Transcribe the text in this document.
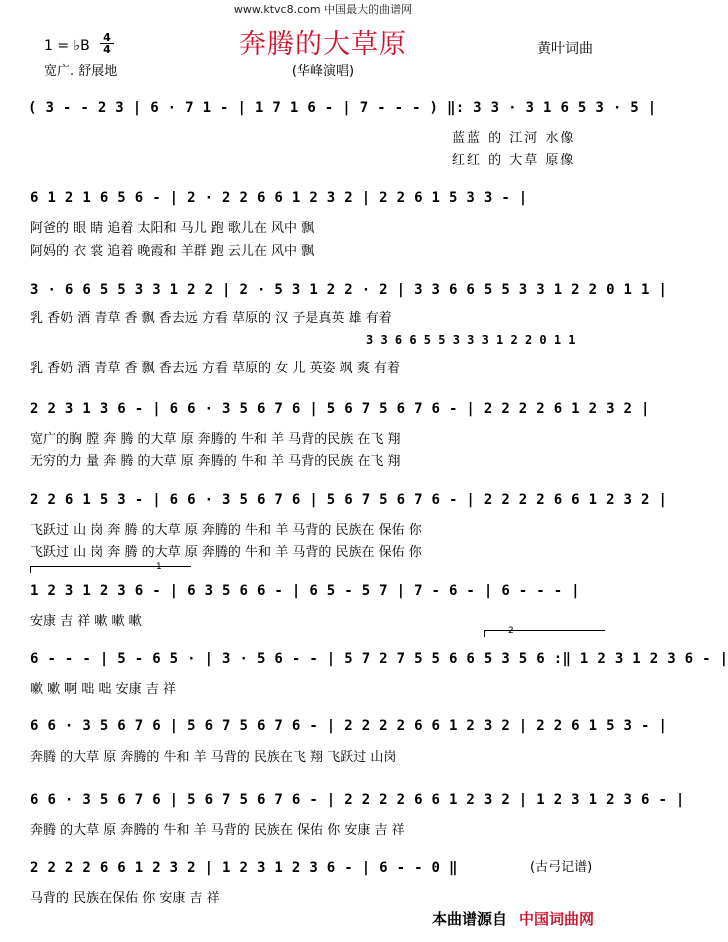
www.ktvc8.com 中国最大的曲谱网
1 = ♭B
4
4
宽广. 舒展地
奔腾的大草原
(华峰演唱)
黄叶词曲
( 3 - - 2 3 | 6 · 7 1 - | 1 7 1 6 - | 7 - - - ) ‖: 3 3 · 3 1 6 5 3 · 5 |
蓝蓝 的 江河 水像
红红 的 大草 原像
6 1 2 1 6 5 6 - | 2 · 2 2 6 6 1 2 3 2 | 2 2 6 1 5 3 3 - |
阿爸的 眼 睛 追着 太阳和 马儿 跑 歌儿在 风中 飘
阿妈的 衣 裳 追着 晚霞和 羊群 跑 云儿在 风中 飘
3 · 6 6 5 5 3 3 1 2 2 | 2 · 5 3 1 2 2 · 2 | 3 3 6 6 5 5 3 3 1 2 2 0 1 1 |
乳 香奶 酒 青草 香 飘 香去远 方看 草原的 汉 子是真英 雄 有着
3 3 6 6 5 5 3 3 3 1 2 2 0 1 1
乳 香奶 酒 青草 香 飘 香去远 方看 草原的 女 儿 英姿 飒 爽 有着
2 2 3 1 3 6 - | 6 6 · 3 5 6 7 6 | 5 6 7 5 6 7 6 - | 2 2 2 2 6 1 2 3 2 |
宽广的胸 膛 奔 腾 的大草 原 奔腾的 牛和 羊 马背的民族 在飞 翔
无穷的力 量 奔 腾 的大草 原 奔腾的 牛和 羊 马背的民族 在飞 翔
2 2 6 1 5 3 - | 6 6 · 3 5 6 7 6 | 5 6 7 5 6 7 6 - | 2 2 2 2 6 6 1 2 3 2 |
飞跃过 山 岗 奔 腾 的大草 原 奔腾的 牛和 羊 马背的 民族在 保佑 你
飞跃过 山 岗 奔 腾 的大草 原 奔腾的 牛和 羊 马背的 民族在 保佑 你
1
1 2 3 1 2 3 6 - | 6 3 5 6 6 - | 6 5 - 5 7 | 7 - 6 - | 6 - - - |
安康 吉 祥 嗽 嗽 嗽
2
6 - - - | 5 - 6 5 · | 3 · 5 6 - - | 5 7 2 7 5 5 6 6 5 3 5 6 :‖ 1 2 3 1 2 3 6 - |
嗽 嗽 啊 咄 咄 安康 吉 祥
6 6 · 3 5 6 7 6 | 5 6 7 5 6 7 6 - | 2 2 2 2 6 6 1 2 3 2 | 2 2 6 1 5 3 - |
奔腾 的大草 原 奔腾的 牛和 羊 马背的 民族在飞 翔 飞跃过 山岗
6 6 · 3 5 6 7 6 | 5 6 7 5 6 7 6 - | 2 2 2 2 6 6 1 2 3 2 | 1 2 3 1 2 3 6 - |
奔腾 的大草 原 奔腾的 牛和 羊 马背的 民族在 保佑 你 安康 吉 祥
2 2 2 2 6 6 1 2 3 2 | 1 2 3 1 2 3 6 - | 6 - - 0 ‖
马背的 民族在保佑 你 安康 吉 祥
(古弓记谱)
本曲谱源自 中国词曲网
